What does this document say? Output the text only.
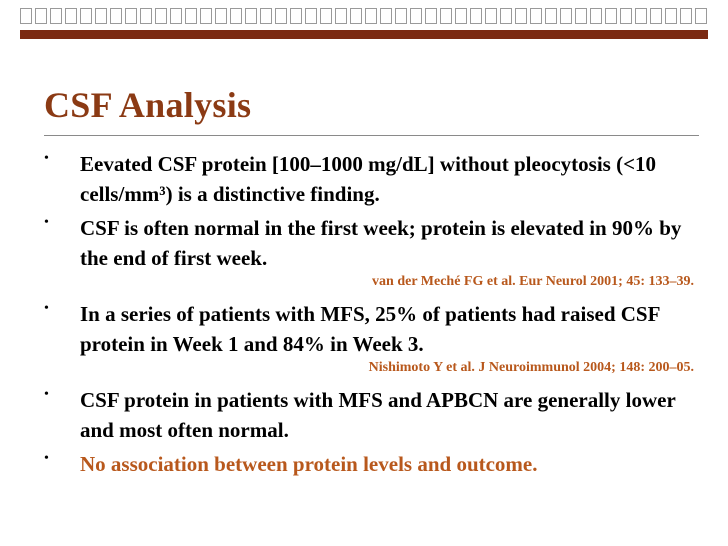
CSF Analysis
• Eevated CSF protein [100–1000 mg/dL] without pleocytosis (<10 cells/mm³) is a distinctive finding.
• CSF is often normal in the first week; protein is elevated in 90% by the end of first week.
van der Meché FG et al. Eur Neurol 2001; 45: 133–39.
• In a series of patients with MFS, 25% of patients had raised CSF protein in Week 1 and 84% in Week 3.
Nishimoto Y et al. J Neuroimmunol 2004; 148: 200–05.
• CSF protein in patients with MFS and APBCN are generally lower and most often normal.
• No association between protein levels and outcome.
